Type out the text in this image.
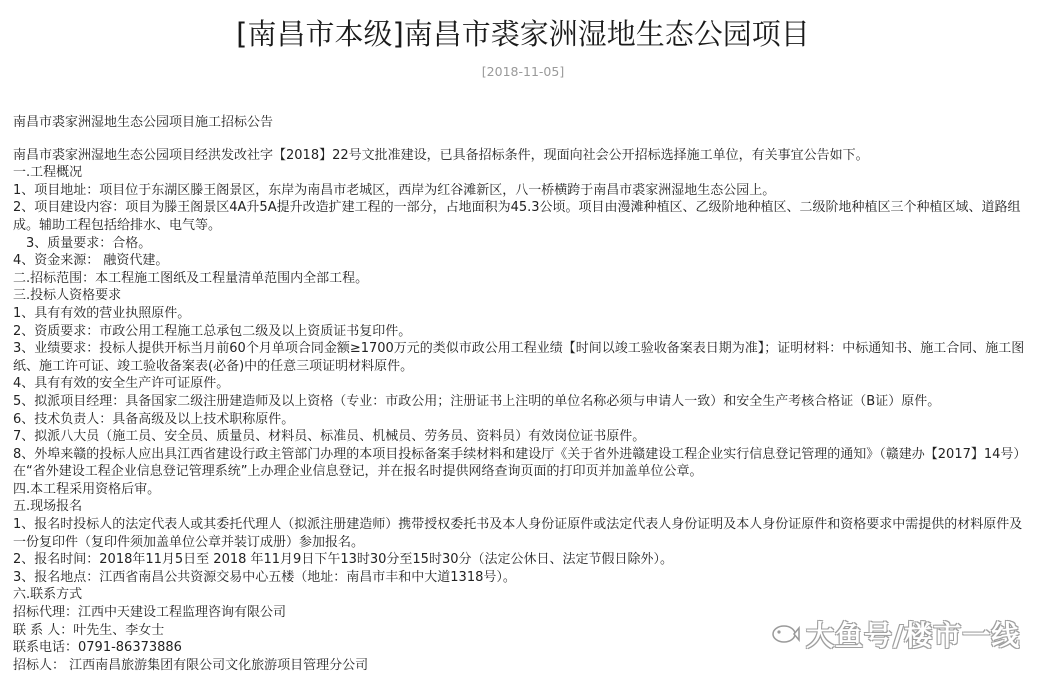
[南昌市本级]南昌市裘家洲湿地生态公园项目
[2018-11-05]

南昌市裘家洲湿地生态公园项目施工招标公告

南昌市裘家洲湿地生态公园项目经洪发改社字【2018】22号文批准建设，已具备招标条件，现面向社会公开招标选择施工单位，有关事宜公告如下。

一.工程概况

1、项目地址：项目位于东湖区滕王阁景区，东岸为南昌市老城区，西岸为红谷滩新区，八一桥横跨于南昌市裘家洲湿地生态公园上。

2、项目建设内容：项目为滕王阁景区4A升5A提升改造扩建工程的一部分，占地面积为45.3公顷。项目由漫滩种植区、乙级阶地种植区、二级阶地种植区三个种植区域、道路组成。辅助工程包括给排水、电气等。

3、质量要求：合格。

4、资金来源： 融资代建。

二.招标范围：本工程施工图纸及工程量清单范围内全部工程。

三.投标人资格要求

1、具有有效的营业执照原件。

2、资质要求：市政公用工程施工总承包二级及以上资质证书复印件。

3、业绩要求：投标人提供开标当月前60个月单项合同金额≥1700万元的类似市政公用工程业绩【时间以竣工验收备案表日期为准】；证明材料：中标通知书、施工合同、施工图纸、施工许可证、竣工验收备案表(必备)中的任意三项证明材料原件。

4、具有有效的安全生产许可证原件。

5、拟派项目经理：具备国家二级注册建造师及以上资格（专业：市政公用；注册证书上注明的单位名称必须与申请人一致）和安全生产考核合格证（B证）原件。

6、技术负责人：具备高级及以上技术职称原件。

7、拟派八大员（施工员、安全员、质量员、材料员、标准员、机械员、劳务员、资料员）有效岗位证书原件。

8、外埠来赣的投标人应出具江西省建设行政主管部门办理的本项目投标备案手续材料和建设厅《关于省外进赣建设工程企业实行信息登记管理的通知》（赣建办【2017】14号）在“省外建设工程企业信息登记管理系统”上办理企业信息登记，并在报名时提供网络查询页面的打印页并加盖单位公章。

四.本工程采用资格后审。

五.现场报名

1、报名时投标人的法定代表人或其委托代理人（拟派注册建造师）携带授权委托书及本人身份证原件或法定代表人身份证明及本人身份证原件和资格要求中需提供的材料原件及一份复印件（复印件须加盖单位公章并装订成册）参加报名。

2、报名时间：2018年11月5日至 2018 年11月9日下午13时30分至15时30分（法定公休日、法定节假日除外）。

3、报名地点：江西省南昌公共资源交易中心五楼（地址：南昌市丰和中大道1318号）。

六.联系方式

招标代理：江西中天建设工程监理咨询有限公司

联 系 人：叶先生、李女士

联系电话：0791-86373886

招标人： 江西南昌旅游集团有限公司文化旅游项目管理分公司

大鱼号/楼市一线
